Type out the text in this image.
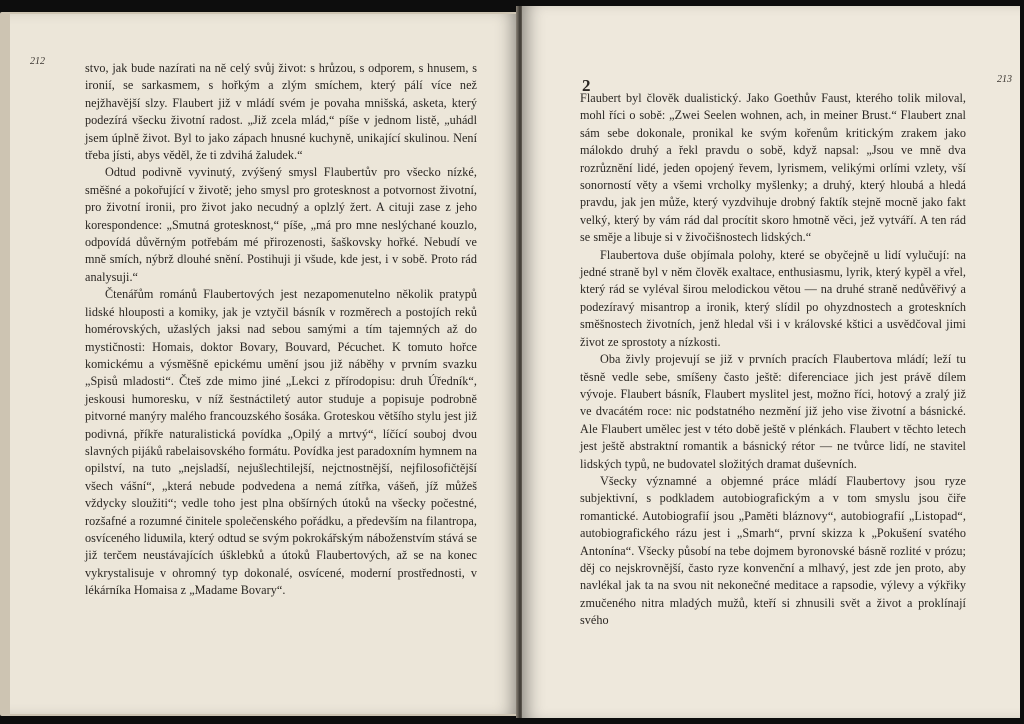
212	stvo, jak bude nazírati na ně celý svůj život: s hrůzou, s odporem, s hnusem, s ironií, se sarkasmem, s hořkým a zlým smíchem, který pálí více než nejžhavější slzy. Flaubert již v mládí svém je povaha mnišská, asketa, který podezírá všecku životní radost. „Již zcela mlád,“ píše v jednom listě, „uhádl jsem úplně život. Byl to jako zápach hnusné kuchyně, unikající skulinou. Není třeba jísti, abys věděl, že ti zdvihá žaludek.“

Odtud podivně vyvinutý, zvýšený smysl Flaubertův pro všecko nízké, směšné a pokořující v životě; jeho smysl pro grotesknost a potvornost životní, pro životní ironii, pro život jako necudný a oplzlý žert. A cituji zase z jeho korespondence: „Smutná grotesknost,“ píše, „má pro mne neslýchané kouzlo, odpovídá důvěrným potřebám mé přirozenosti, šaškovsky hořké. Nebudí ve mně smích, nýbrž dlouhé snění. Postihuji ji všude, kde jest, i v sobě. Proto rád analysuji.“

Čtenářům románů Flaubertových jest nezapomenutelno několik pratypů lidské hlouposti a komiky, jak je vztyčil básník v rozměrech a postojích reků homérovských, užaslých jaksi nad sebou samými a tím tajemných až do mystičnosti: Homais, doktor Bovary, Bouvard, Pécuchet. K tomuto hořce komickému a výsměšně epickému umění jsou již náběhy v prvním svazku „Spisů mladosti“. Čteš zde mimo jiné „Lekci z přírodopisu: druh Úředník“, jeskousi humoresku, v níž šestnáctiletý autor studuje a popisuje podrobně pitvorné manýry malého francouzského šosáka. Groteskou většího stylu jest již podivná, příkře naturalistická povídka „Opilý a mrtvý“, líčící souboj dvou slavných pijáků rabelaisovského formátu. Povídka jest paradoxním hymnem na opilství, na tuto „nejsladší, nejušlechtilejší, nejctnostnější, nejfilosofičtější všech vášní“, „která nebude podvedena a nemá zítřka, vášeň, jíž můžeš vždycky sloužiti“; vedle toho jest plna obšírných útoků na všecky počestné, rozšafné a rozumné činitele společenského pořádku, a především na filantropa, osvíceného liduмila, který odtud se svým pokrokářským náboženstvím stává se již terčem neustávajících úšklebků a útoků Flaubertových, až se na konec vykrystalisuje v ohromný typ dokonalé, osvícené, moderní prostřednosti, v lékárníka Homaisa z „Madame Bovary“.

213
2

Flaubert byl člověk dualistický. Jako Goethův Faust, kterého tolik miloval, mohl říci o sobě: „Zwei Seelen wohnen, ach, in meiner Brust.“ Flaubert znal sám sebe dokonale, pronikal ke svým kořenům kritickým zrakem jako málokdo druhý a řekl pravdu o sobě, když napsal: „Jsou ve mně dva rozrůznění lidé, jeden opojený řevem, lyrismem, velikými orlími vzlety, vší sonorností věty a všemi vrcholky myšlenky; a druhý, který hloubá a hledá pravdu, jak jen může, který vyzdvihuje drobný faktík stejně mocně jako fakt velký, který by vám rád dal procítit skoro hmotně věci, jež vytváří. A ten rád se směje a libuje si v živočišnostech lidských.“

Flaubertova duše objímala polohy, které se obyčejně u lidí vylučují: na jedné straně byl v něm člověk exaltace, enthusiasmu, lyrik, který kypěl a vřel, který rád se vyléval širou melodickou větou — na druhé straně nedůvěřivý a podezíravý misantrop a ironik, který slídil po ohyzdnostech a groteskních směšnostech životních, jenž hledal vši i v královské kštici a usvědčoval jimi život ze sprostoty a nízkosti.

Oba živly projevují se již v prvních pracích Flaubertova mládí; leží tu těsně vedle sebe, smíšeny často ještě: diferenciace jich jest právě dílem vývoje. Flaubert básník, Flaubert myslitel jest, možno říci, hotový a zralý již ve dvacátém roce: nic podstatného nezmění již jeho vise životní a básnické. Ale Flaubert umělec jest v této době ještě v plénkách. Flaubert v těchto letech jest ještě abstraktní romantik a básnický rétor — ne tvůrce lidí, ne stavitel lidských typů, ne budovatel složitých dramat duševních.

Všecky významné a objemné práce mládí Flaubertovy jsou ryze subjektivní, s podkladem autobiografickým a v tom smyslu jsou čiře romantické. Autobiografií jsou „Paměti bláznovy“, autobiografií „Listopad“, autobiografického rázu jest i „Smarh“, první skizza k „Pokušení svatého Antonína“. Všecky působí na tebe dojmem byronovské básně rozlité v prózu; děj co nejskrovnější, často ryze konvenční a mlhavý, jest zde jen proto, aby navlékal jak ta na svou nit nekonečné meditace a rapsodie, výlevy a výkřiky zmučeného nitra mladých mužů, kteří si zhnusili svět a život a proklínají svého
